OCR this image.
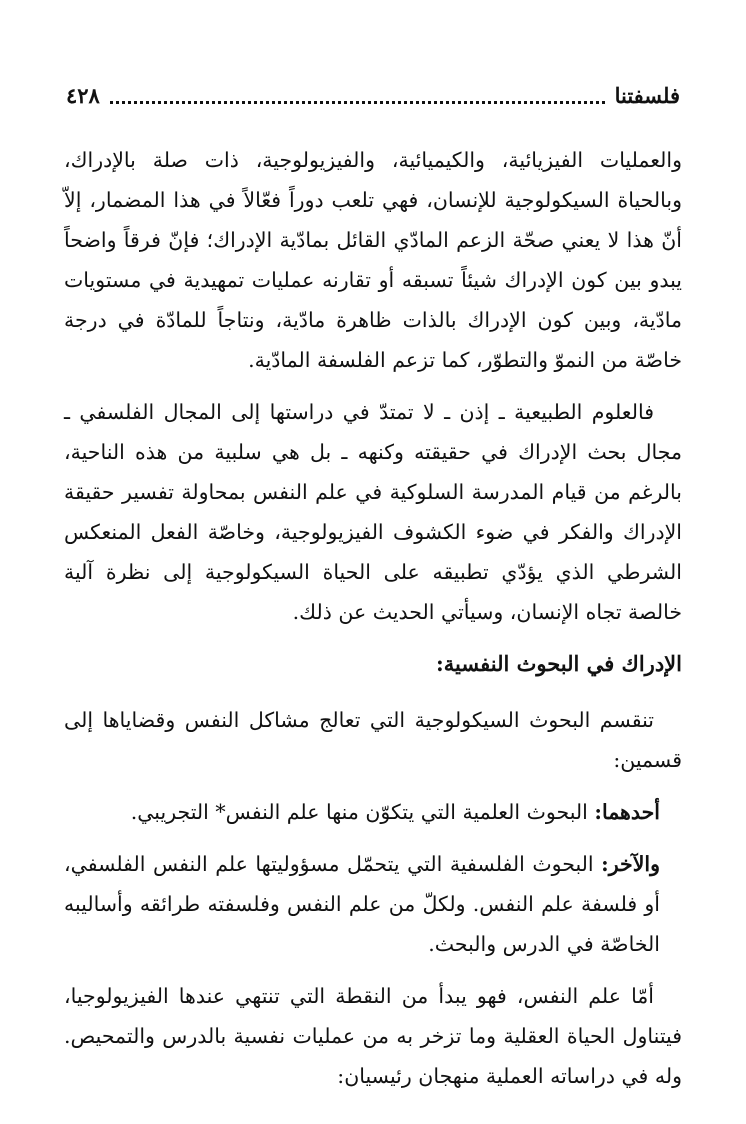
فلسفتنا
٤٢٨

والعمليات الفيزيائية، والكيميائية، والفيزيولوجية، ذات صلة بالإدراك، وبالحياة السيكولوجية للإنسان، فهي تلعب دوراً فعّالاً في هذا المضمار، إلاّ أنّ هذا لا يعني صحّة الزعم المادّي القائل بمادّية الإدراك؛ فإنّ فرقاً واضحاً يبدو بين كون الإدراك شيئاً تسبقه أو تقارنه عمليات تمهيدية في مستويات مادّية، وبين كون الإدراك بالذات ظاهرة مادّية، ونتاجاً للمادّة في درجة خاصّة من النموّ والتطوّر، كما تزعم الفلسفة المادّية.

فالعلوم الطبيعية ـ إذن ـ لا تمتدّ في دراستها إلى المجال الفلسفي ـ مجال بحث الإدراك في حقيقته وكنهه ـ بل هي سلبية من هذه الناحية، بالرغم من قيام المدرسة السلوكية في علم النفس بمحاولة تفسير حقيقة الإدراك والفكر في ضوء الكشوف الفيزيولوجية، وخاصّة الفعل المنعكس الشرطي الذي يؤدّي تطبيقه على الحياة السيكولوجية إلى نظرة آلية خالصة تجاه الإنسان، وسيأتي الحديث عن ذلك.

الإدراك في البحوث النفسية:

تنقسم البحوث السيكولوجية التي تعالج مشاكل النفس وقضاياها إلى قسمين:

أحدهما: البحوث العلمية التي يتكوّن منها علم النفس* التجريبي.

والآخر: البحوث الفلسفية التي يتحمّل مسؤوليتها علم النفس الفلسفي، أو فلسفة علم النفس. ولكلّ من علم النفس وفلسفته طرائقه وأساليبه الخاصّة في الدرس والبحث.

أمّا علم النفس، فهو يبدأ من النقطة التي تنتهي عندها الفيزيولوجيا، فيتناول الحياة العقلية وما تزخر به من عمليات نفسية بالدرس والتمحيص. وله في دراساته العملية منهجان رئيسيان:
